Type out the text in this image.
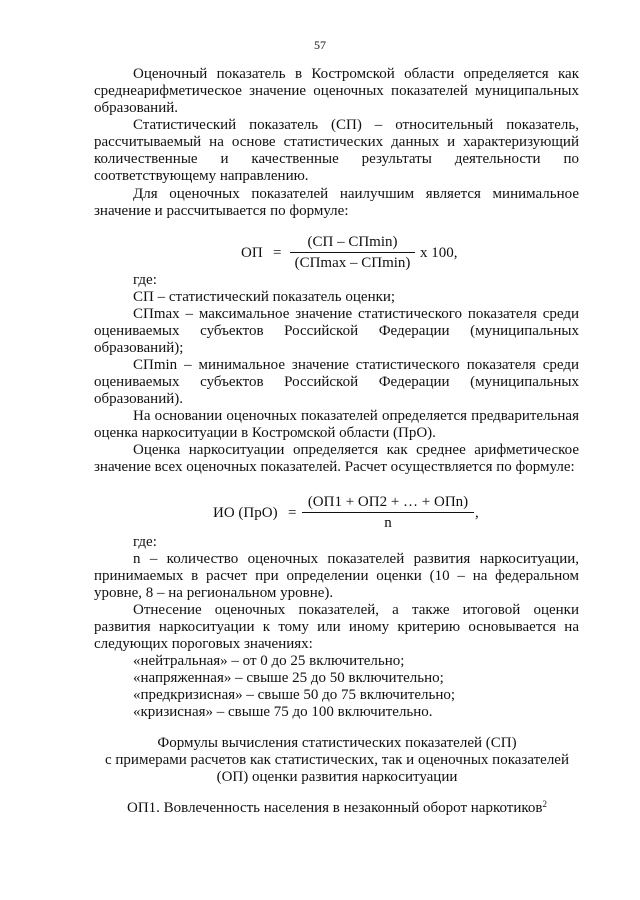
57
Оценочный показатель в Костромской области определяется как
среднеарифметическое значение оценочных показателей муниципальных
образований.
Статистический показатель (СП) – относительный показатель,
рассчитываемый на основе статистических данных и характеризующий
количественные и качественные результаты деятельности по
соответствующему направлению.
Для оценочных показателей наилучшим является минимальное
значение и рассчитывается по формуле:
ОП =
(СП – СПmin)
(СПmax – СПmin)
x 100,
где:
СП – статистический показатель оценки;
СПmax – максимальное значение статистического показателя среди
оцениваемых субъектов Российской Федерации (муниципальных
образований);
СПmin – минимальное значение статистического показателя среди
оцениваемых субъектов Российской Федерации (муниципальных
образований).
На основании оценочных показателей определяется предварительная
оценка наркоситуации в Костромской области (ПрО).
Оценка наркоситуации определяется как среднее арифметическое
значение всех оценочных показателей. Расчет осуществляется по формуле:
ИО (ПрО) =
(ОП1 + ОП2 + … + ОПn)
n
,
где:
n – количество оценочных показателей развития наркоситуации,
принимаемых в расчет при определении оценки (10 – на федеральном
уровне, 8 – на региональном уровне).
Отнесение оценочных показателей, а также итоговой оценки
развития наркоситуации к тому или иному критерию основывается на
следующих пороговых значениях:
«нейтральная» – от 0 до 25 включительно;
«напряженная» – свыше 25 до 50 включительно;
«предкризисная» – свыше 50 до 75 включительно;
«кризисная» – свыше 75 до 100 включительно.
Формулы вычисления статистических показателей (СП)
с примерами расчетов как статистических, так и оценочных показателей
(ОП) оценки развития наркоситуации
ОП1. Вовлеченность населения в незаконный оборот наркотиков$^2$
